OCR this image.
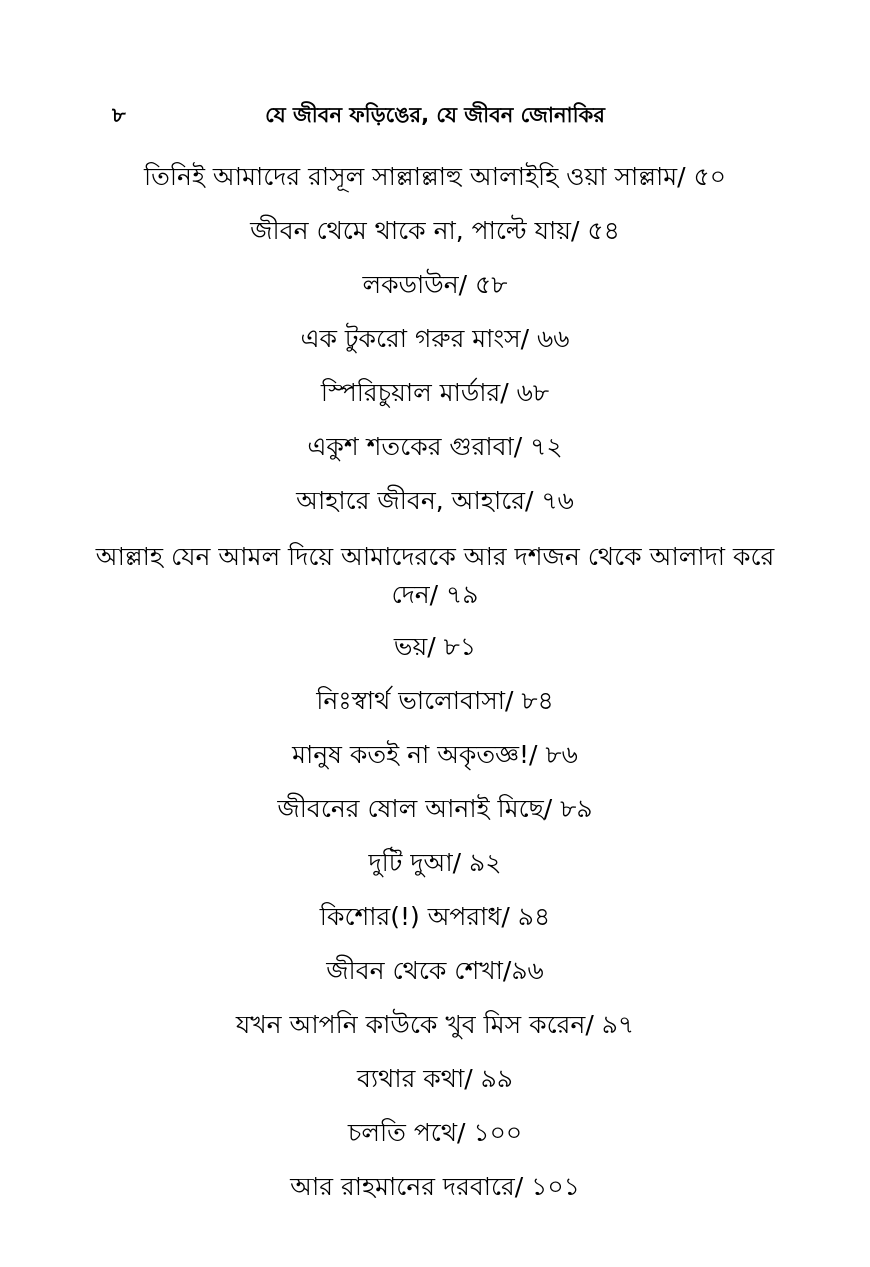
৮	যে জীবন ফড়িঙের, যে জীবন জোনাকির
তিনিই আমাদের রাসূল সাল্লাল্লাহু আলাইহি ওয়া সাল্লাম/ ৫০
জীবন থেমে থাকে না, পাল্টে যায়/ ৫৪
লকডাউন/ ৫৮
এক টুকরো গরুর মাংস/ ৬৬
স্পিরিচুয়াল মার্ডার/ ৬৮
একুশ শতকের গুরাবা/ ৭২
আহারে জীবন, আহারে/ ৭৬
আল্লাহ যেন আমল দিয়ে আমাদেরকে আর দশজন থেকে আলাদা করে দেন/ ৭৯
ভয়/ ৮১
নিঃস্বার্থ ভালোবাসা/ ৮৪
মানুষ কতই না অকৃতজ্ঞ!/ ৮৬
জীবনের ষোল আনাই মিছে/ ৮৯
দুটি দুআ/ ৯২
কিশোর(!) অপরাধ/ ৯৪
জীবন থেকে শেখা/৯৬
যখন আপনি কাউকে খুব মিস করেন/ ৯৭
ব্যথার কথা/ ৯৯
চলতি পথে/ ১০০
আর রাহমানের দরবারে/ ১০১
